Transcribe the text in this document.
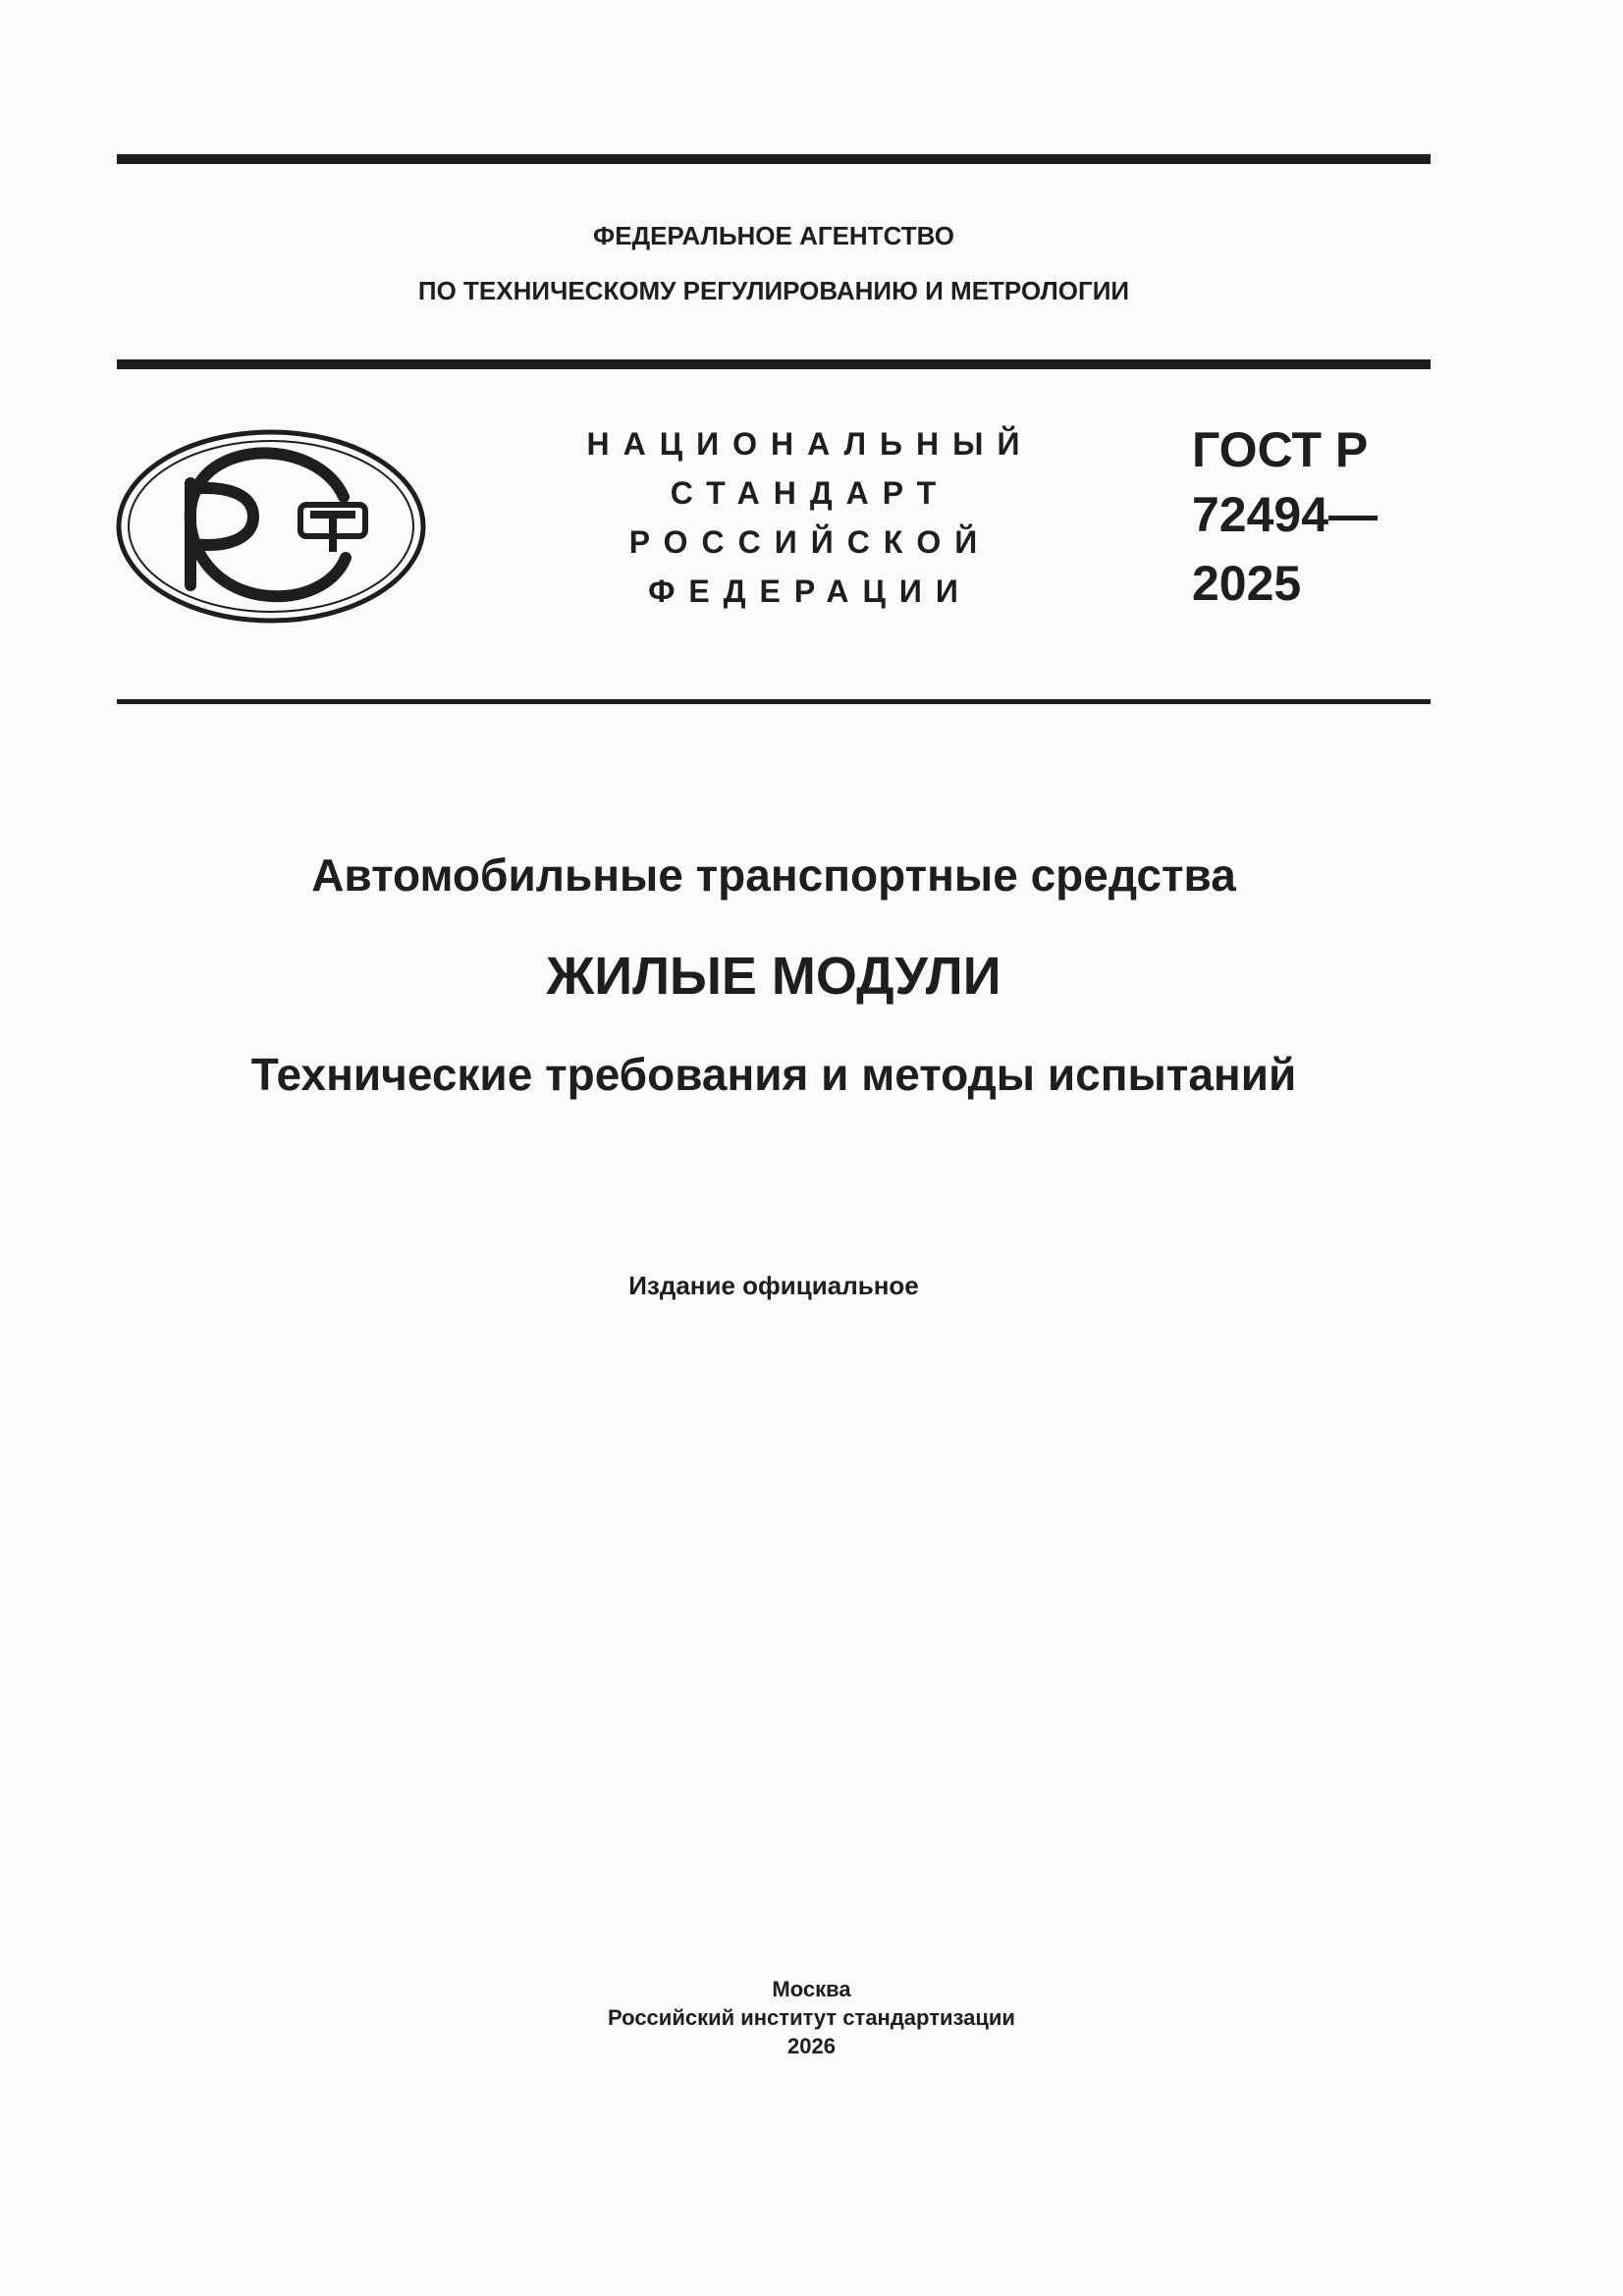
ФЕДЕРАЛЬНОЕ АГЕНТСТВО
ПО ТЕХНИЧЕСКОМУ РЕГУЛИРОВАНИЮ И МЕТРОЛОГИИ
НАЦИОНАЛЬНЫЙ
СТАНДАРТ
РОССИЙСКОЙ
ФЕДЕРАЦИИ
ГОСТ Р
72494—
2025
Автомобильные транспортные средства
ЖИЛЫЕ МОДУЛИ
Технические требования и методы испытаний
Издание официальное
Москва
Российский институт стандартизации
2026
